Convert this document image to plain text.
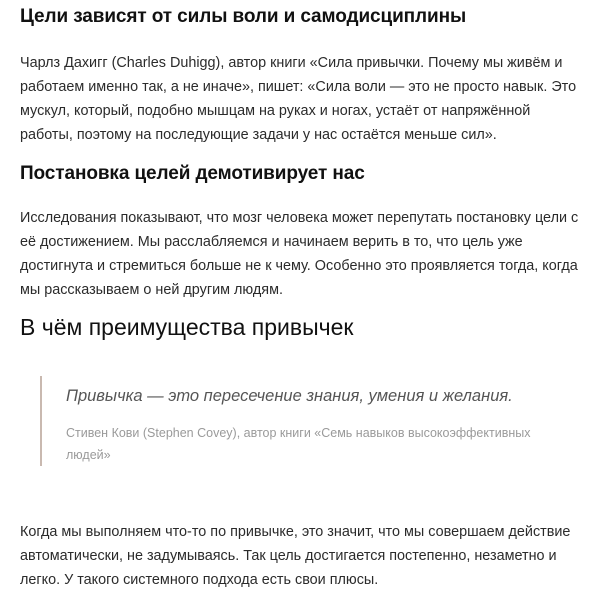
Цели зависят от силы воли и самодисциплины

Чарлз Дахигг (Charles Duhigg), автор книги «Сила привычки. Почему мы живём и работаем именно так, а не иначе», пишет: «Сила воли — это не просто навык. Это мускул, который, подобно мышцам на руках и ногах, устаёт от напряжённой работы, поэтому на последующие задачи у нас остаётся меньше сил».

Постановка целей демотивирует нас

Исследования показывают, что мозг человека может перепутать постановку цели с её достижением. Мы расслабляемся и начинаем верить в то, что цель уже достигнута и стремиться больше не к чему. Особенно это проявляется тогда, когда мы рассказываем о ней другим людям.

В чём преимущества привычек
Привычка — это пересечение знания, умения и желания.
Стивен Кови (Stephen Covey), автор книги «Семь навыков высокоэффективных людей»

Когда мы выполняем что-то по привычке, это значит, что мы совершаем действие автоматически, не задумываясь. Так цель достигается постепенно, незаметно и легко. У такого системного подхода есть свои плюсы.
